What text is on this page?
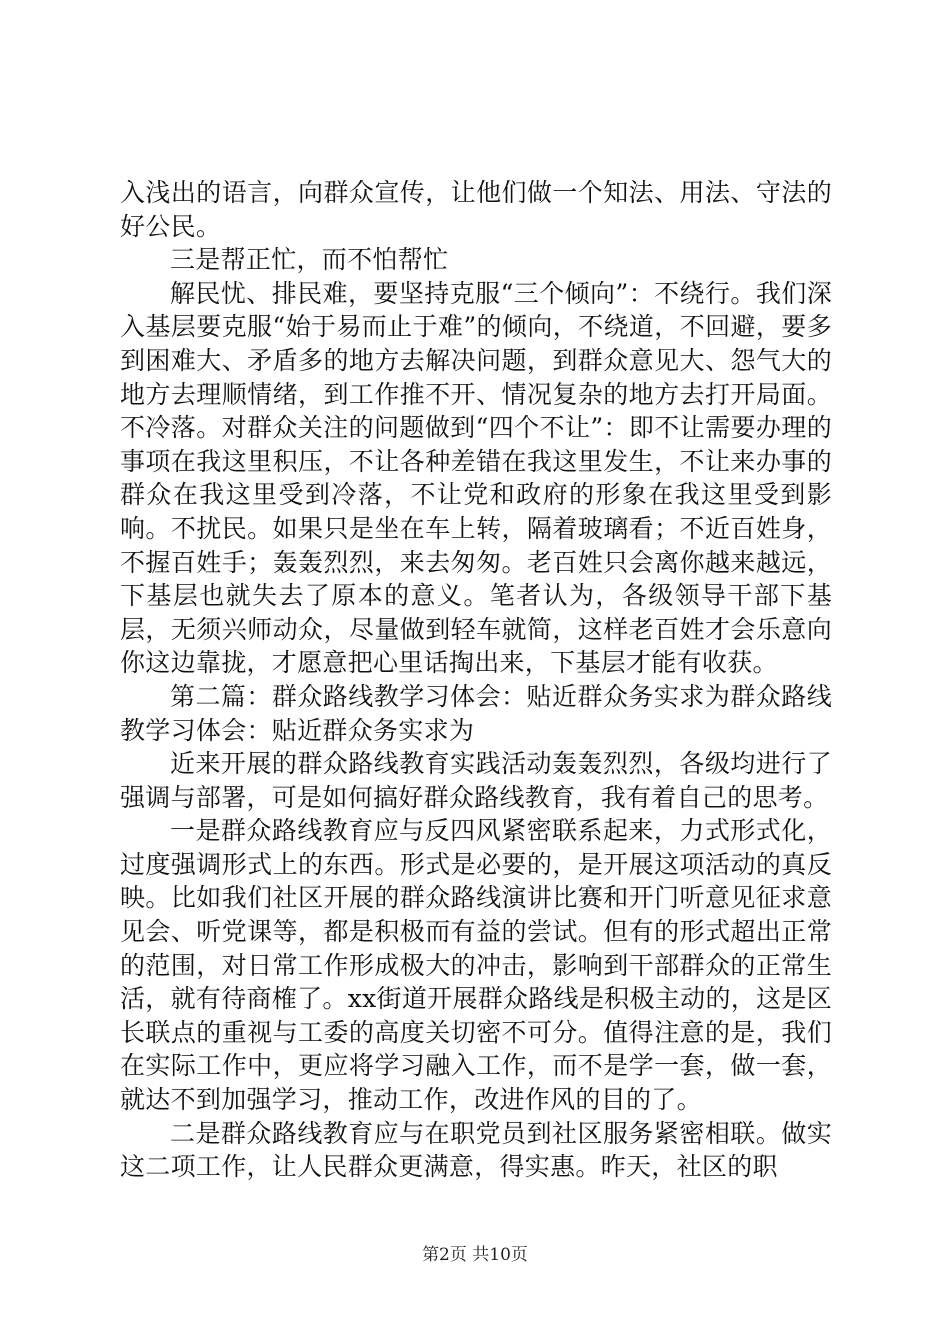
入浅出的语言，向群众宣传，让他们做一个知法、用法、守法的好公民。

三是帮正忙，而不怕帮忙

解民忧、排民难，要坚持克服“三个倾向”：不绕行。我们深入基层要克服“始于易而止于难”的倾向，不绕道，不回避，要多到困难大、矛盾多的地方去解决问题，到群众意见大、怨气大的地方去理顺情绪，到工作推不开、情况复杂的地方去打开局面。不冷落。对群众关注的问题做到“四个不让”：即不让需要办理的事项在我这里积压，不让各种差错在我这里发生，不让来办事的群众在我这里受到冷落，不让党和政府的形象在我这里受到影响。不扰民。如果只是坐在车上转，隔着玻璃看；不近百姓身，不握百姓手；轰轰烈烈，来去匆匆。老百姓只会离你越来越远，下基层也就失去了原本的意义。笔者认为，各级领导干部下基层，无须兴师动众，尽量做到轻车就简，这样老百姓才会乐意向你这边靠拢，才愿意把心里话掏出来，下基层才能有收获。

第二篇：群众路线教学习体会：贴近群众务实求为群众路线教学习体会：贴近群众务实求为

近来开展的群众路线教育实践活动轰轰烈烈，各级均进行了强调与部署，可是如何搞好群众路线教育，我有着自己的思考。

一是群众路线教育应与反四风紧密联系起来，力式形式化，过度强调形式上的东西。形式是必要的，是开展这项活动的真反映。比如我们社区开展的群众路线演讲比赛和开门听意见征求意见会、听党课等，都是积极而有益的尝试。但有的形式超出正常的范围，对日常工作形成极大的冲击，影响到干部群众的正常生活，就有待商榷了。xx街道开展群众路线是积极主动的，这是区长联点的重视与工委的高度关切密不可分。值得注意的是，我们在实际工作中，更应将学习融入工作，而不是学一套，做一套，就达不到加强学习，推动工作，改进作风的目的了。

二是群众路线教育应与在职党员到社区服务紧密相联。做实这二项工作，让人民群众更满意，得实惠。昨天，社区的职

第2页 共10页
